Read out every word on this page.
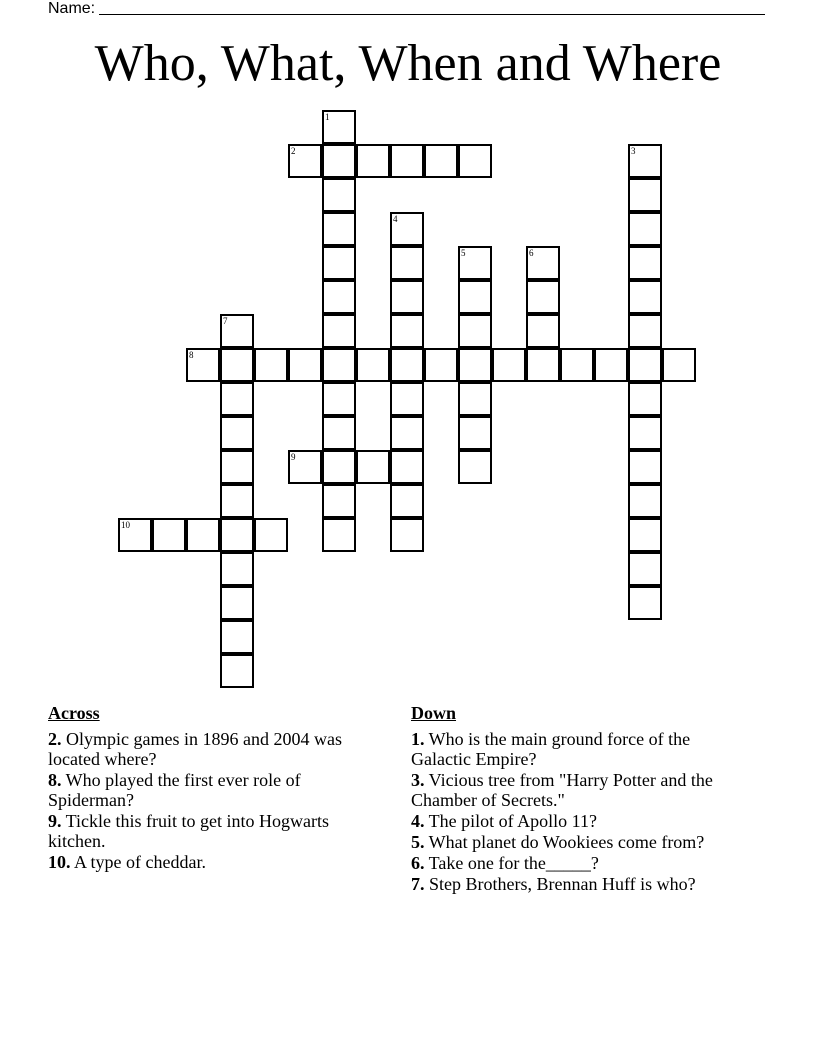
Name:
Who, What, When and Where
1
2	3
4
5	6
7
8
9
10
Across
2. Olympic games in 1896 and 2004 was located where?
8. Who played the first ever role of Spiderman?
9. Tickle this fruit to get into Hogwarts kitchen.
10. A type of cheddar.
Down
1. Who is the main ground force of the Galactic Empire?
3. Vicious tree from "Harry Potter and the Chamber of Secrets."
4. The pilot of Apollo 11?
5. What planet do Wookiees come from?
6. Take one for the_____?
7. Step Brothers, Brennan Huff is who?
